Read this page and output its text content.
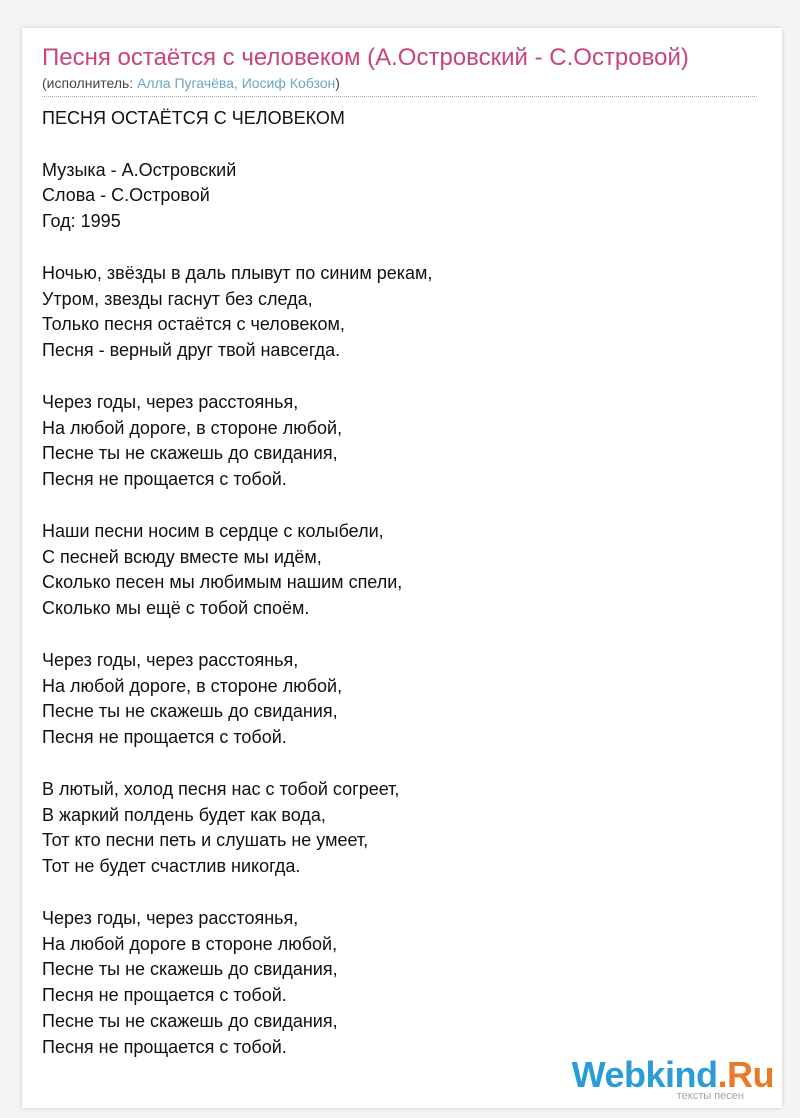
Песня остаётся с человеком (А.Островский - С.Островой)
(исполнитель: Алла Пугачёва, Иосиф Кобзон)
ПЕСНЯ ОСТАЁТСЯ С ЧЕЛОВЕКОМ
Музыка - А.Островский
Слова - С.Островой
Год: 1995
Ночью, звёзды в даль плывут по синим рекам,
Утром, звезды гаснут без следа,
Только песня остаётся с человеком,
Песня - верный друг твой навсегда.
Через годы, через расстоянья,
На любой дороге, в стороне любой,
Песне ты не скажешь до свидания,
Песня не прощается с тобой.
Наши песни носим в сердце с колыбели,
С песней всюду вместе мы идём,
Сколько песен мы любимым нашим спели,
Сколько мы ещё с тобой споём.
Через годы, через расстоянья,
На любой дороге, в стороне любой,
Песне ты не скажешь до свидания,
Песня не прощается с тобой.
В лютый, холод песня нас с тобой согреет,
В жаркий полдень будет как вода,
Тот кто песни петь и слушать не умеет,
Тот не будет счастлив никогда.
Через годы, через расстоянья,
На любой дороге в стороне любой,
Песне ты не скажешь до свидания,
Песня не прощается с тобой.
Песне ты не скажешь до свидания,
Песня не прощается с тобой.
Webkind.Ru
тексты песен
